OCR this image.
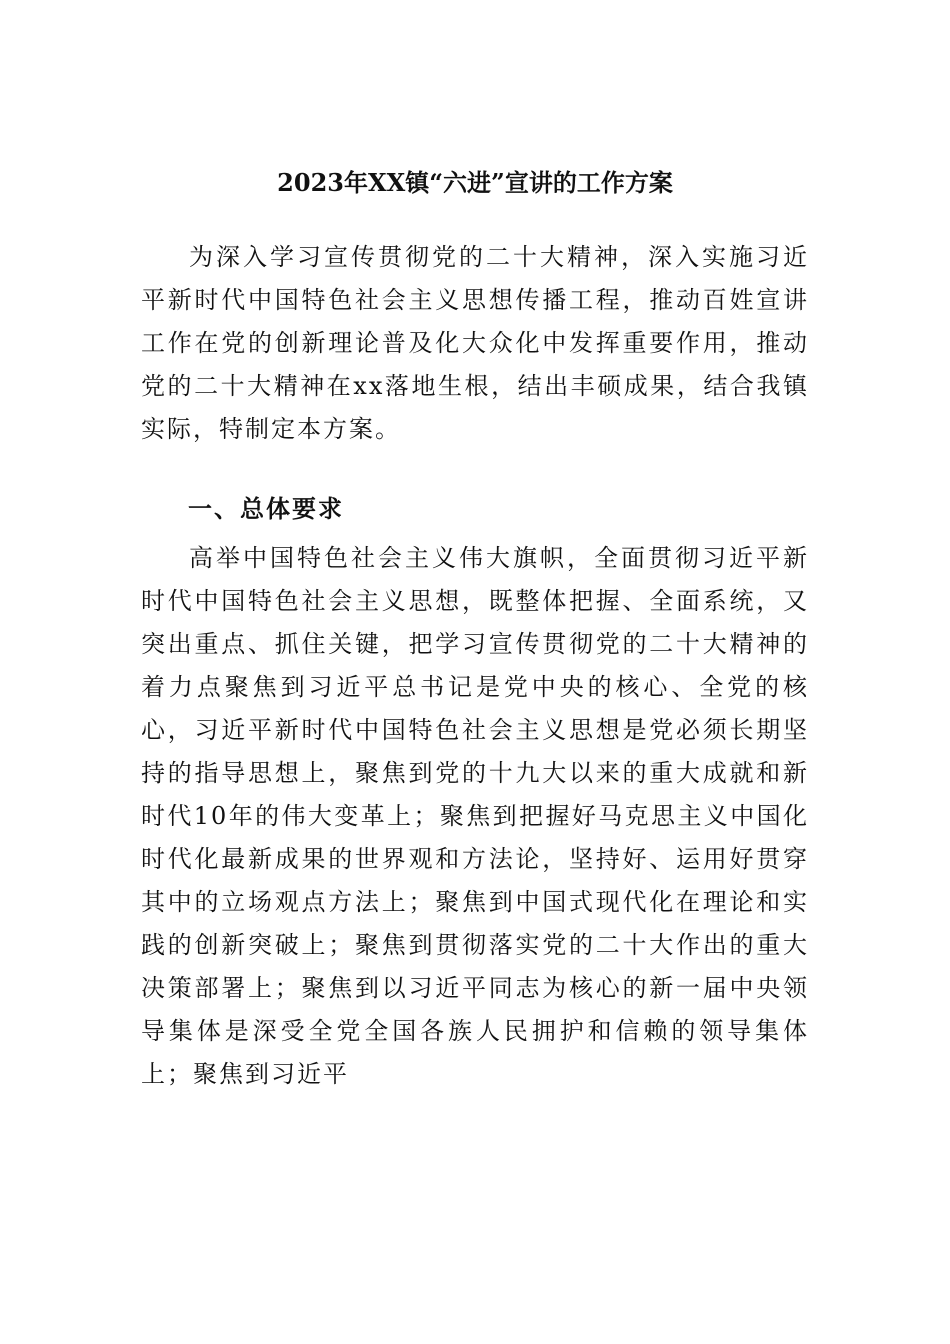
2023年XX镇“六进”宣讲的工作方案

为深入学习宣传贯彻党的二十大精神，深入实施习近平新时代中国特色社会主义思想传播工程，推动百姓宣讲工作在党的创新理论普及化大众化中发挥重要作用，推动党的二十大精神在xx落地生根，结出丰硕成果，结合我镇实际，特制定本方案。

一、总体要求

高举中国特色社会主义伟大旗帜，全面贯彻习近平新时代中国特色社会主义思想，既整体把握、全面系统，又突出重点、抓住关键，把学习宣传贯彻党的二十大精神的着力点聚焦到习近平总书记是党中央的核心、全党的核心，习近平新时代中国特色社会主义思想是党必须长期坚持的指导思想上，聚焦到党的十九大以来的重大成就和新时代10年的伟大变革上；聚焦到把握好马克思主义中国化时代化最新成果的世界观和方法论，坚持好、运用好贯穿其中的立场观点方法上；聚焦到中国式现代化在理论和实践的创新突破上；聚焦到贯彻落实党的二十大作出的重大决策部署上；聚焦到以习近平同志为核心的新一届中央领导集体是深受全党全国各族人民拥护和信赖的领导集体上；聚焦到习近平
